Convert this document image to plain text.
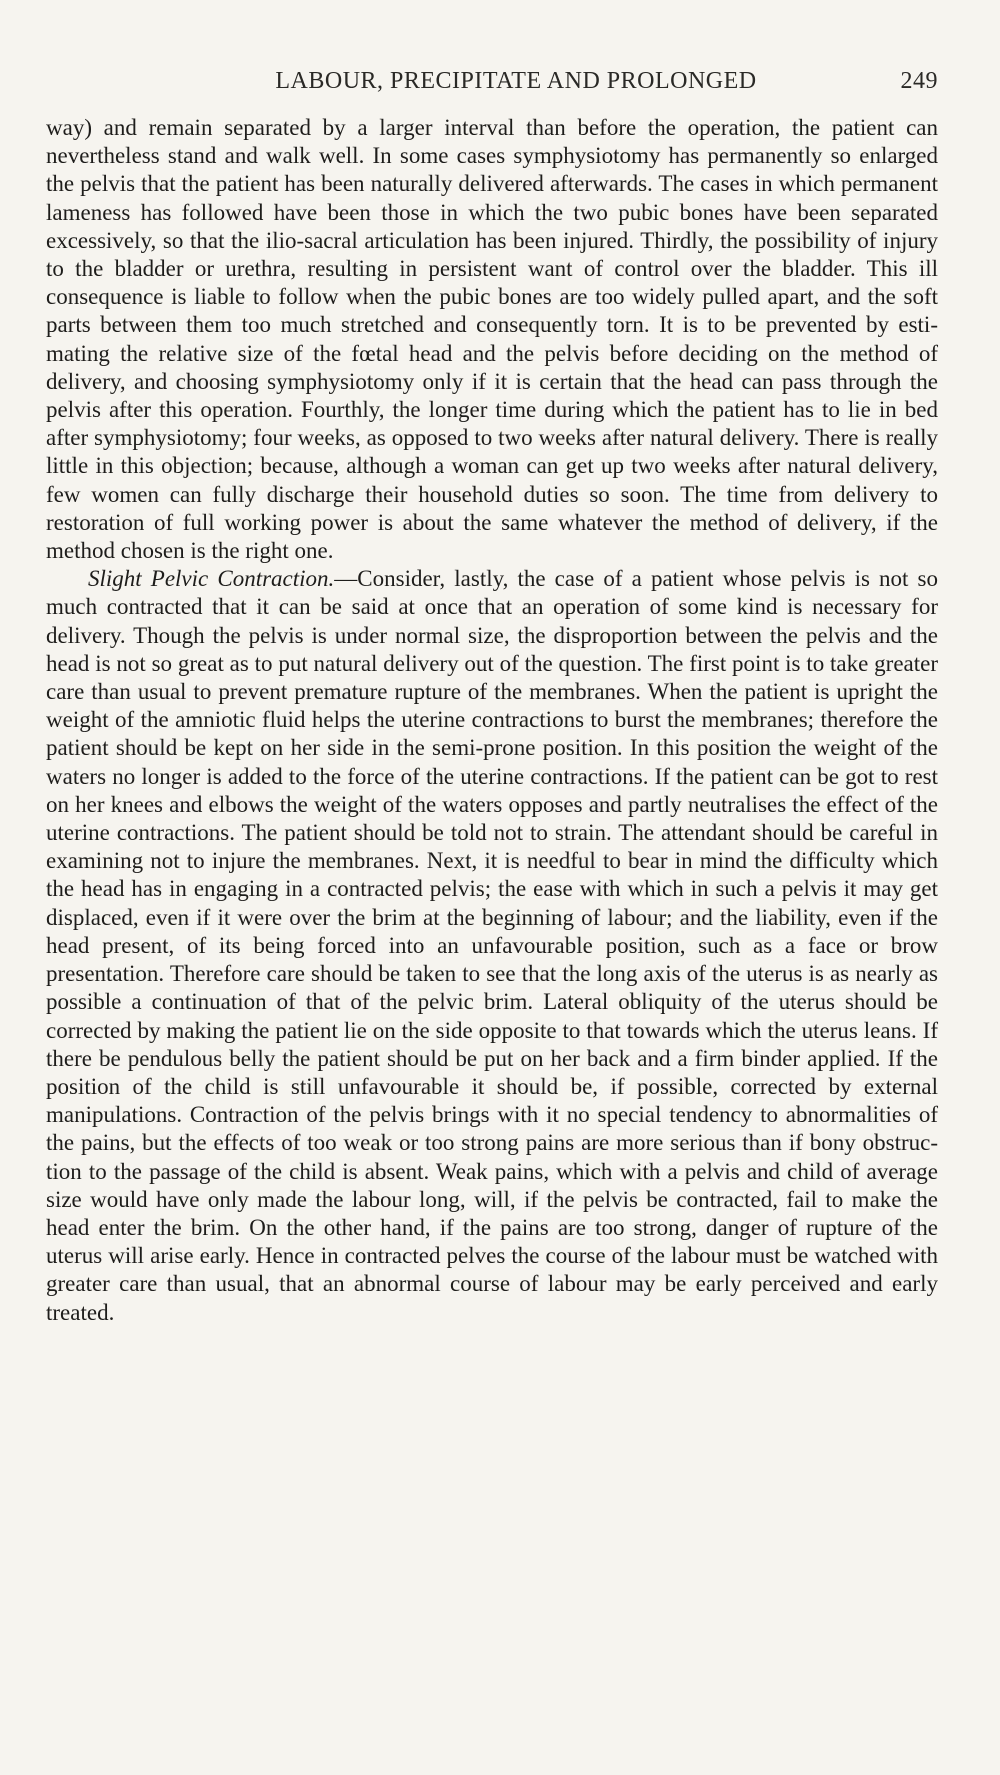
LABOUR, PRECIPITATE AND PROLONGED	249

way) and remain separated by a larger interval than before the operation, the patient can nevertheless stand and walk well. In some cases symphysiotomy has permanently so enlarged the pelvis that the patient has been naturally delivered afterwards. The cases in which permanent lameness has followed have been those in which the two pubic bones have been separated excessively, so that the ilio-sacral articulation has been injured. Thirdly, the possibility of injury to the bladder or urethra, resulting in persistent want of control over the bladder. This ill consequence is liable to follow when the pubic bones are too widely pulled apart, and the soft parts between them too much stretched and consequently torn. It is to be prevented by estimating the relative size of the fœtal head and the pelvis before deciding on the method of delivery, and choosing symphysiotomy only if it is certain that the head can pass through the pelvis after this operation. Fourthly, the longer time during which the patient has to lie in bed after symphysiotomy; four weeks, as opposed to two weeks after natural delivery. There is really little in this objection; because, although a woman can get up two weeks after natural delivery, few women can fully discharge their household duties so soon. The time from delivery to restoration of full working power is about the same whatever the method of delivery, if the method chosen is the right one.

Slight Pelvic Contraction.—Consider, lastly, the case of a patient whose pelvis is not so much contracted that it can be said at once that an operation of some kind is necessary for delivery. Though the pelvis is under normal size, the disproportion between the pelvis and the head is not so great as to put natural delivery out of the question. The first point is to take greater care than usual to prevent premature rupture of the membranes. When the patient is upright the weight of the amniotic fluid helps the uterine contractions to burst the membranes; therefore the patient should be kept on her side in the semi-prone position. In this position the weight of the waters no longer is added to the force of the uterine contractions. If the patient can be got to rest on her knees and elbows the weight of the waters opposes and partly neutralises the effect of the uterine contractions. The patient should be told not to strain. The attendant should be careful in examining not to injure the membranes. Next, it is needful to bear in mind the difficulty which the head has in engaging in a contracted pelvis; the ease with which in such a pelvis it may get displaced, even if it were over the brim at the beginning of labour; and the liability, even if the head present, of its being forced into an unfavourable position, such as a face or brow presentation. Therefore care should be taken to see that the long axis of the uterus is as nearly as possible a continuation of that of the pelvic brim. Lateral obliquity of the uterus should be corrected by making the patient lie on the side opposite to that towards which the uterus leans. If there be pendulous belly the patient should be put on her back and a firm binder applied. If the position of the child is still unfavourable it should be, if possible, corrected by external manipulations. Contraction of the pelvis brings with it no special tendency to abnormalities of the pains, but the effects of too weak or too strong pains are more serious than if bony obstruction to the passage of the child is absent. Weak pains, which with a pelvis and child of average size would have only made the labour long, will, if the pelvis be contracted, fail to make the head enter the brim. On the other hand, if the pains are too strong, danger of rupture of the uterus will arise early. Hence in contracted pelves the course of the labour must be watched with greater care than usual, that an abnormal course of labour may be early perceived and early treated.
